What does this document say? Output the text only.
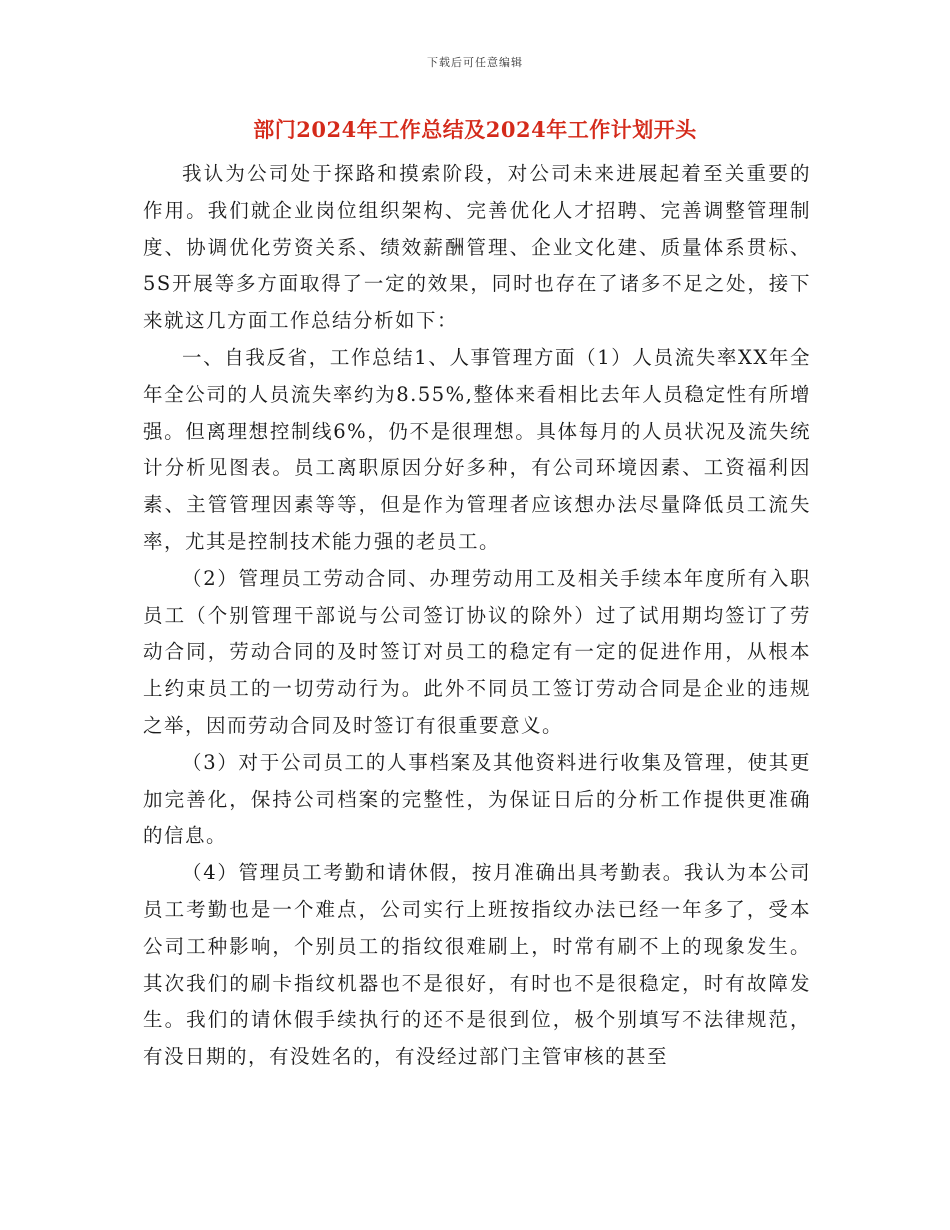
下载后可任意编辑
部门2024年工作总结及2024年工作计划开头

我认为公司处于探路和摸索阶段，对公司未来进展起着至关重要的作用。我们就企业岗位组织架构、完善优化人才招聘、完善调整管理制度、协调优化劳资关系、绩效薪酬管理、企业文化建、质量体系贯标、5S开展等多方面取得了一定的效果，同时也存在了诸多不足之处，接下来就这几方面工作总结分析如下：

一、自我反省，工作总结1、人事管理方面（1）人员流失率XX年全年全公司的人员流失率约为8.55%,整体来看相比去年人员稳定性有所增强。但离理想控制线6%，仍不是很理想。具体每月的人员状况及流失统计分析见图表。员工离职原因分好多种，有公司环境因素、工资福利因素、主管管理因素等等，但是作为管理者应该想办法尽量降低员工流失率，尤其是控制技术能力强的老员工。

（2）管理员工劳动合同、办理劳动用工及相关手续本年度所有入职员工（个别管理干部说与公司签订协议的除外）过了试用期均签订了劳动合同，劳动合同的及时签订对员工的稳定有一定的促进作用，从根本上约束员工的一切劳动行为。此外不同员工签订劳动合同是企业的违规之举，因而劳动合同及时签订有很重要意义。

（3）对于公司员工的人事档案及其他资料进行收集及管理，使其更加完善化，保持公司档案的完整性，为保证日后的分析工作提供更准确的信息。

（4）管理员工考勤和请休假，按月准确出具考勤表。我认为本公司员工考勤也是一个难点，公司实行上班按指纹办法已经一年多了，受本公司工种影响，个别员工的指纹很难刷上，时常有刷不上的现象发生。其次我们的刷卡指纹机器也不是很好，有时也不是很稳定，时有故障发生。我们的请休假手续执行的还不是很到位，极个别填写不法律规范，有没日期的，有没姓名的，有没经过部门主管审核的甚至
